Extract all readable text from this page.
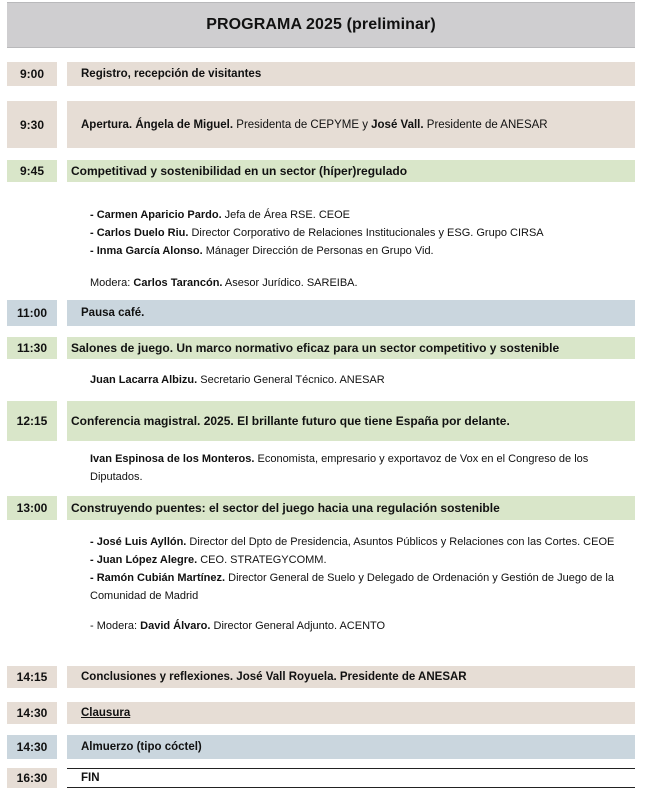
PROGRAMA 2025 (preliminar)
9:00	Registro, recepción de visitantes
9:30	Apertura. Ángela de Miguel. Presidenta de CEPYME y José Vall. Presidente de ANESAR
9:45	Competitivad y sostenibilidad en un sector (híper)regulado

- Carmen Aparicio Pardo. Jefa de Área RSE. CEOE

- Carlos Duelo Riu. Director Corporativo de Relaciones Institucionales y ESG. Grupo CIRSA

- Inma García Alonso. Mánager Dirección de Personas en Grupo Vid.

Modera: Carlos Tarancón. Asesor Jurídico. SAREIBA.

11:00	Pausa café.
11:30	Salones de juego. Un marco normativo eficaz para un sector competitivo y sostenible

Juan Lacarra Albizu. Secretario General Técnico. ANESAR

12:15	Conferencia magistral. 2025. El brillante futuro que tiene España por delante.

Ivan Espinosa de los Monteros. Economista, empresario y exportavoz de Vox en el Congreso de los Diputados.

13:00	Construyendo puentes: el sector del juego hacia una regulación sostenible

- José Luis Ayllón. Director del Dpto de Presidencia, Asuntos Públicos y Relaciones con las Cortes. CEOE

- Juan López Alegre. CEO. STRATEGYCOMM.

- Ramón Cubián Martínez. Director General de Suelo y Delegado de Ordenación y Gestión de Juego de la Comunidad de Madrid

- Modera: David Álvaro. Director General Adjunto. ACENTO

14:15	Conclusiones y reflexiones. José Vall Royuela. Presidente de ANESAR
14:30	Clausura
14:30	Almuerzo (tipo cóctel)
16:30	FIN
